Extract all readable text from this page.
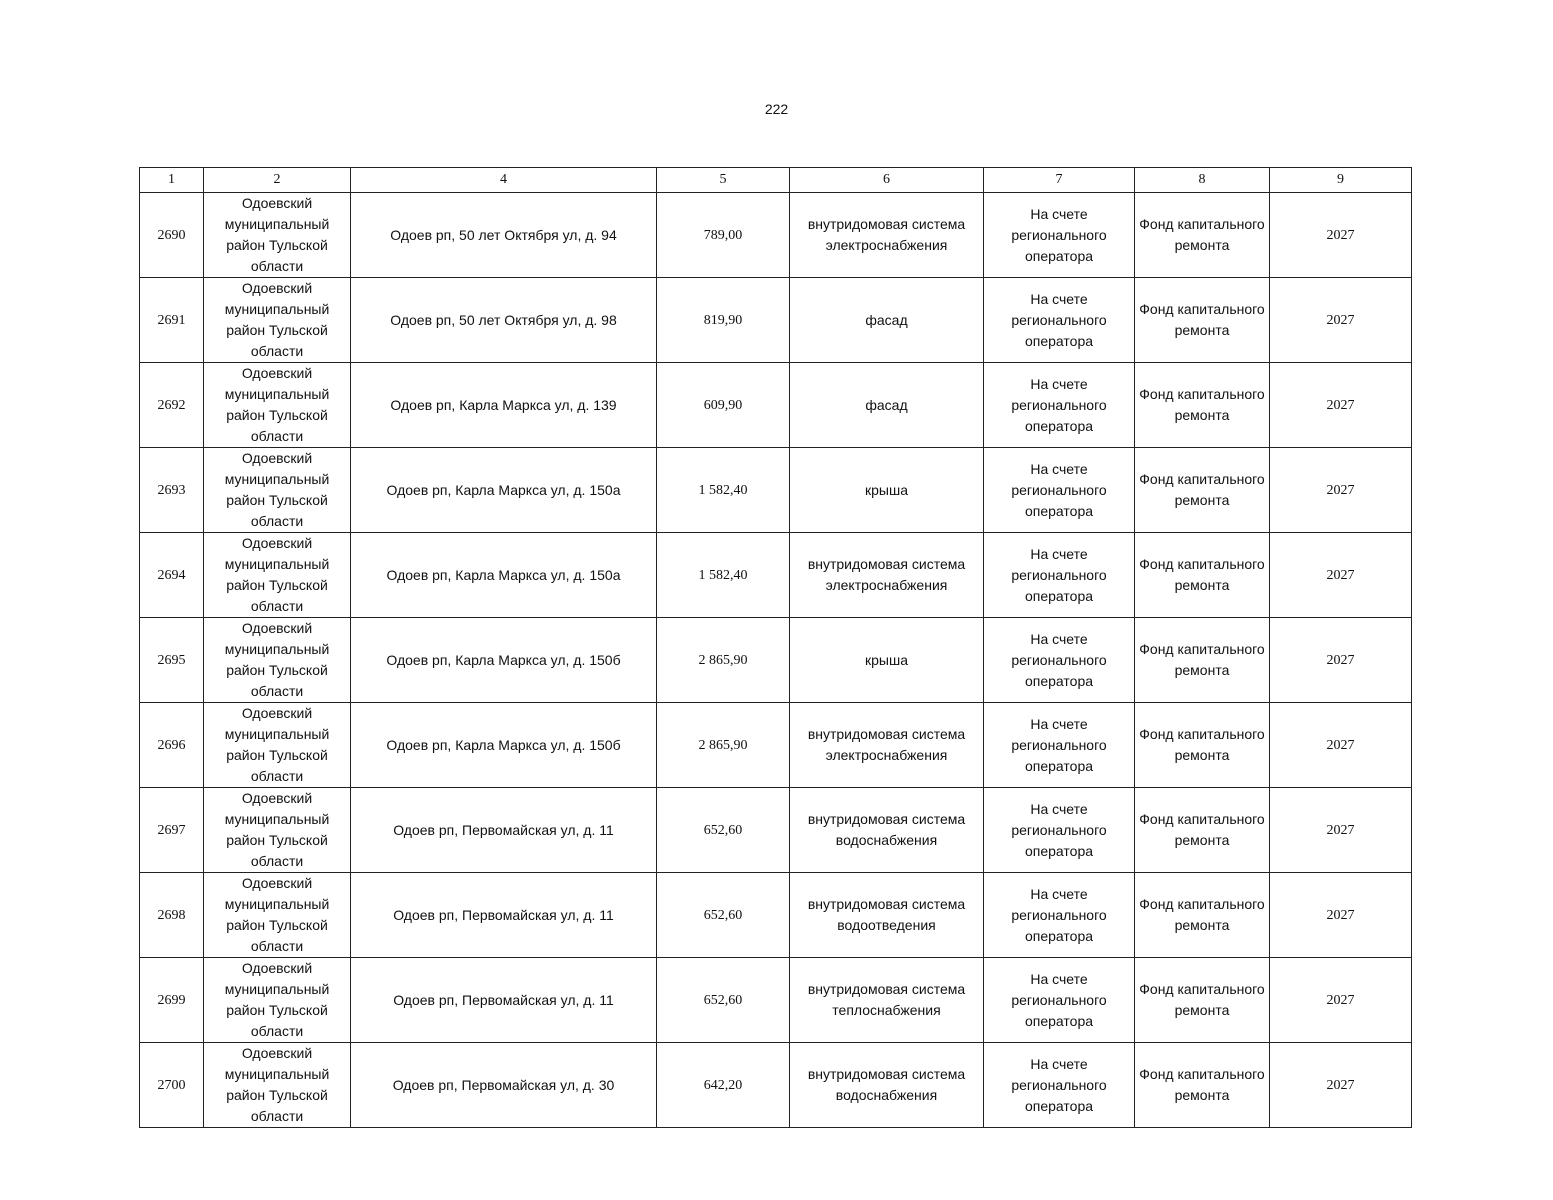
222
1	2	4	5	6	7	8	9
2690	Одоевский муниципальный район Тульской области	Одоев рп, 50 лет Октября ул, д. 94	789,00	внутридомовая система электроснабжения	На счете регионального оператора	Фонд капитального ремонта	2027
2691	Одоевский муниципальный район Тульской области	Одоев рп, 50 лет Октября ул, д. 98	819,90	фасад	На счете регионального оператора	Фонд капитального ремонта	2027
2692	Одоевский муниципальный район Тульской области	Одоев рп, Карла Маркса ул, д. 139	609,90	фасад	На счете регионального оператора	Фонд капитального ремонта	2027
2693	Одоевский муниципальный район Тульской области	Одоев рп, Карла Маркса ул, д. 150а	1 582,40	крыша	На счете регионального оператора	Фонд капитального ремонта	2027
2694	Одоевский муниципальный район Тульской области	Одоев рп, Карла Маркса ул, д. 150а	1 582,40	внутридомовая система электроснабжения	На счете регионального оператора	Фонд капитального ремонта	2027
2695	Одоевский муниципальный район Тульской области	Одоев рп, Карла Маркса ул, д. 150б	2 865,90	крыша	На счете регионального оператора	Фонд капитального ремонта	2027
2696	Одоевский муниципальный район Тульской области	Одоев рп, Карла Маркса ул, д. 150б	2 865,90	внутридомовая система электроснабжения	На счете регионального оператора	Фонд капитального ремонта	2027
2697	Одоевский муниципальный район Тульской области	Одоев рп, Первомайская ул, д. 11	652,60	внутридомовая система водоснабжения	На счете регионального оператора	Фонд капитального ремонта	2027
2698	Одоевский муниципальный район Тульской области	Одоев рп, Первомайская ул, д. 11	652,60	внутридомовая система водоотведения	На счете регионального оператора	Фонд капитального ремонта	2027
2699	Одоевский муниципальный район Тульской области	Одоев рп, Первомайская ул, д. 11	652,60	внутридомовая система теплоснабжения	На счете регионального оператора	Фонд капитального ремонта	2027
2700	Одоевский муниципальный район Тульской области	Одоев рп, Первомайская ул, д. 30	642,20	внутридомовая система водоснабжения	На счете регионального оператора	Фонд капитального ремонта	2027
